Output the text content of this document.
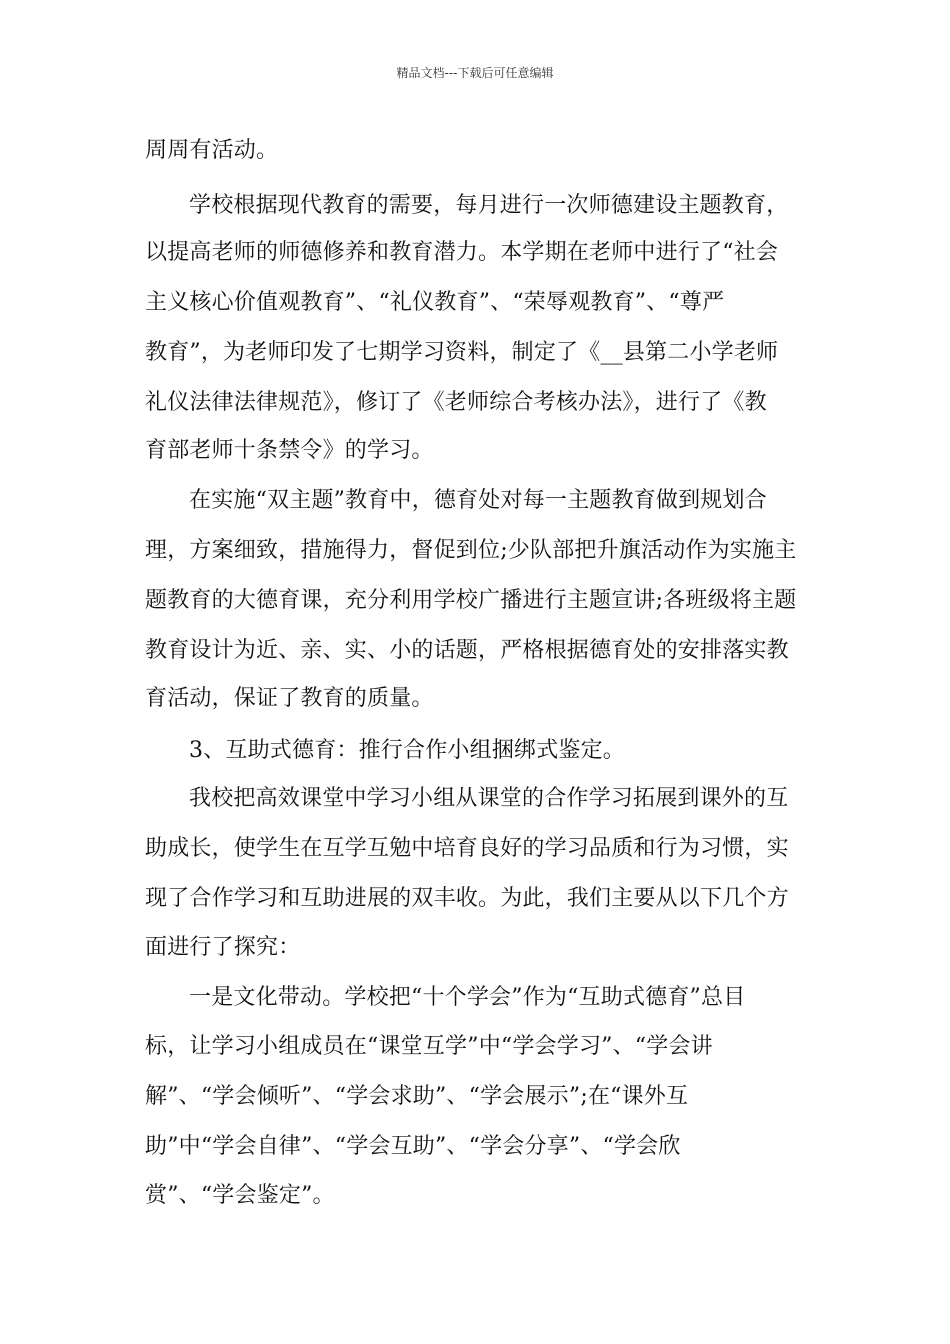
精品文档---下载后可任意编辑
周周有活动。
学校根据现代教育的需要，每月进行一次师德建设主题教育，
以提高老师的师德修养和教育潜力。本学期在老师中进行了“社会
主义核心价值观教育”、“礼仪教育”、“荣辱观教育”、“尊严
教育”，为老师印发了七期学习资料，制定了《__县第二小学老师
礼仪法律法律规范》，修订了《老师综合考核办法》，进行了《教
育部老师十条禁令》的学习。
在实施“双主题”教育中，德育处对每一主题教育做到规划合
理，方案细致，措施得力，督促到位;少队部把升旗活动作为实施主
题教育的大德育课，充分利用学校广播进行主题宣讲;各班级将主题
教育设计为近、亲、实、小的话题，严格根据德育处的安排落实教
育活动，保证了教育的质量。
3、互助式德育：推行合作小组捆绑式鉴定。
我校把高效课堂中学习小组从课堂的合作学习拓展到课外的互
助成长，使学生在互学互勉中培育良好的学习品质和行为习惯，实
现了合作学习和互助进展的双丰收。为此，我们主要从以下几个方
面进行了探究：
一是文化带动。学校把“十个学会”作为“互助式德育”总目
标，让学习小组成员在“课堂互学”中“学会学习”、“学会讲
解”、“学会倾听”、“学会求助”、“学会展示”;在“课外互
助”中“学会自律”、“学会互助”、“学会分享”、“学会欣
赏”、“学会鉴定”。
